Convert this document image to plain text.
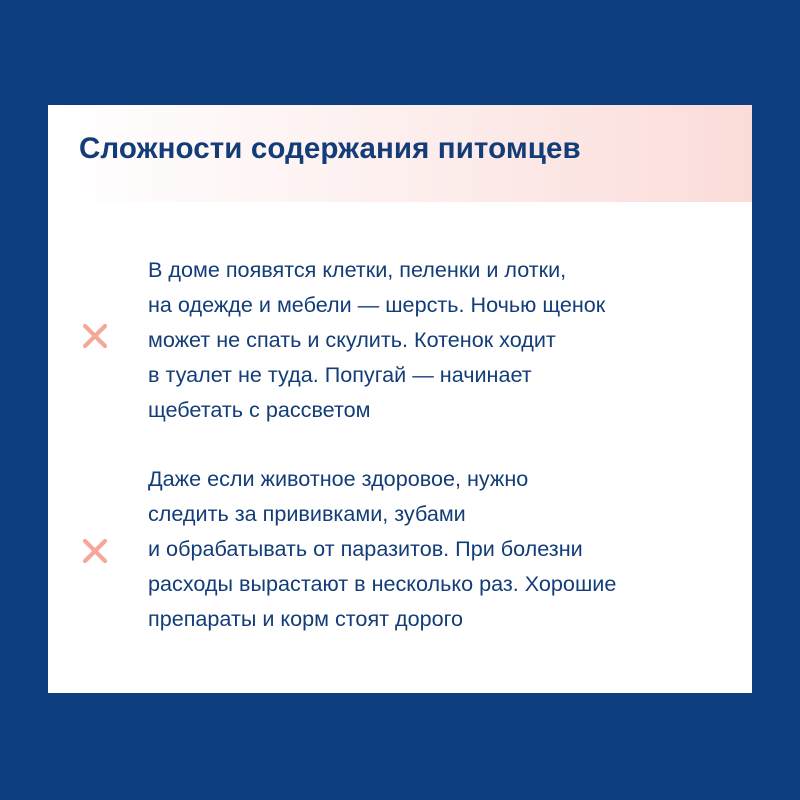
Сложности содержания питомцев

В доме появятся клетки, пеленки и лотки,
на одежде и мебели — шерсть. Ночью щенок
может не спать и скулить. Котенок ходит
в туалет не туда. Попугай — начинает
щебетать с рассветом

Даже если животное здоровое, нужно
следить за прививками, зубами
и обрабатывать от паразитов. При болезни
расходы вырастают в несколько раз. Хорошие
препараты и корм стоят дорого
